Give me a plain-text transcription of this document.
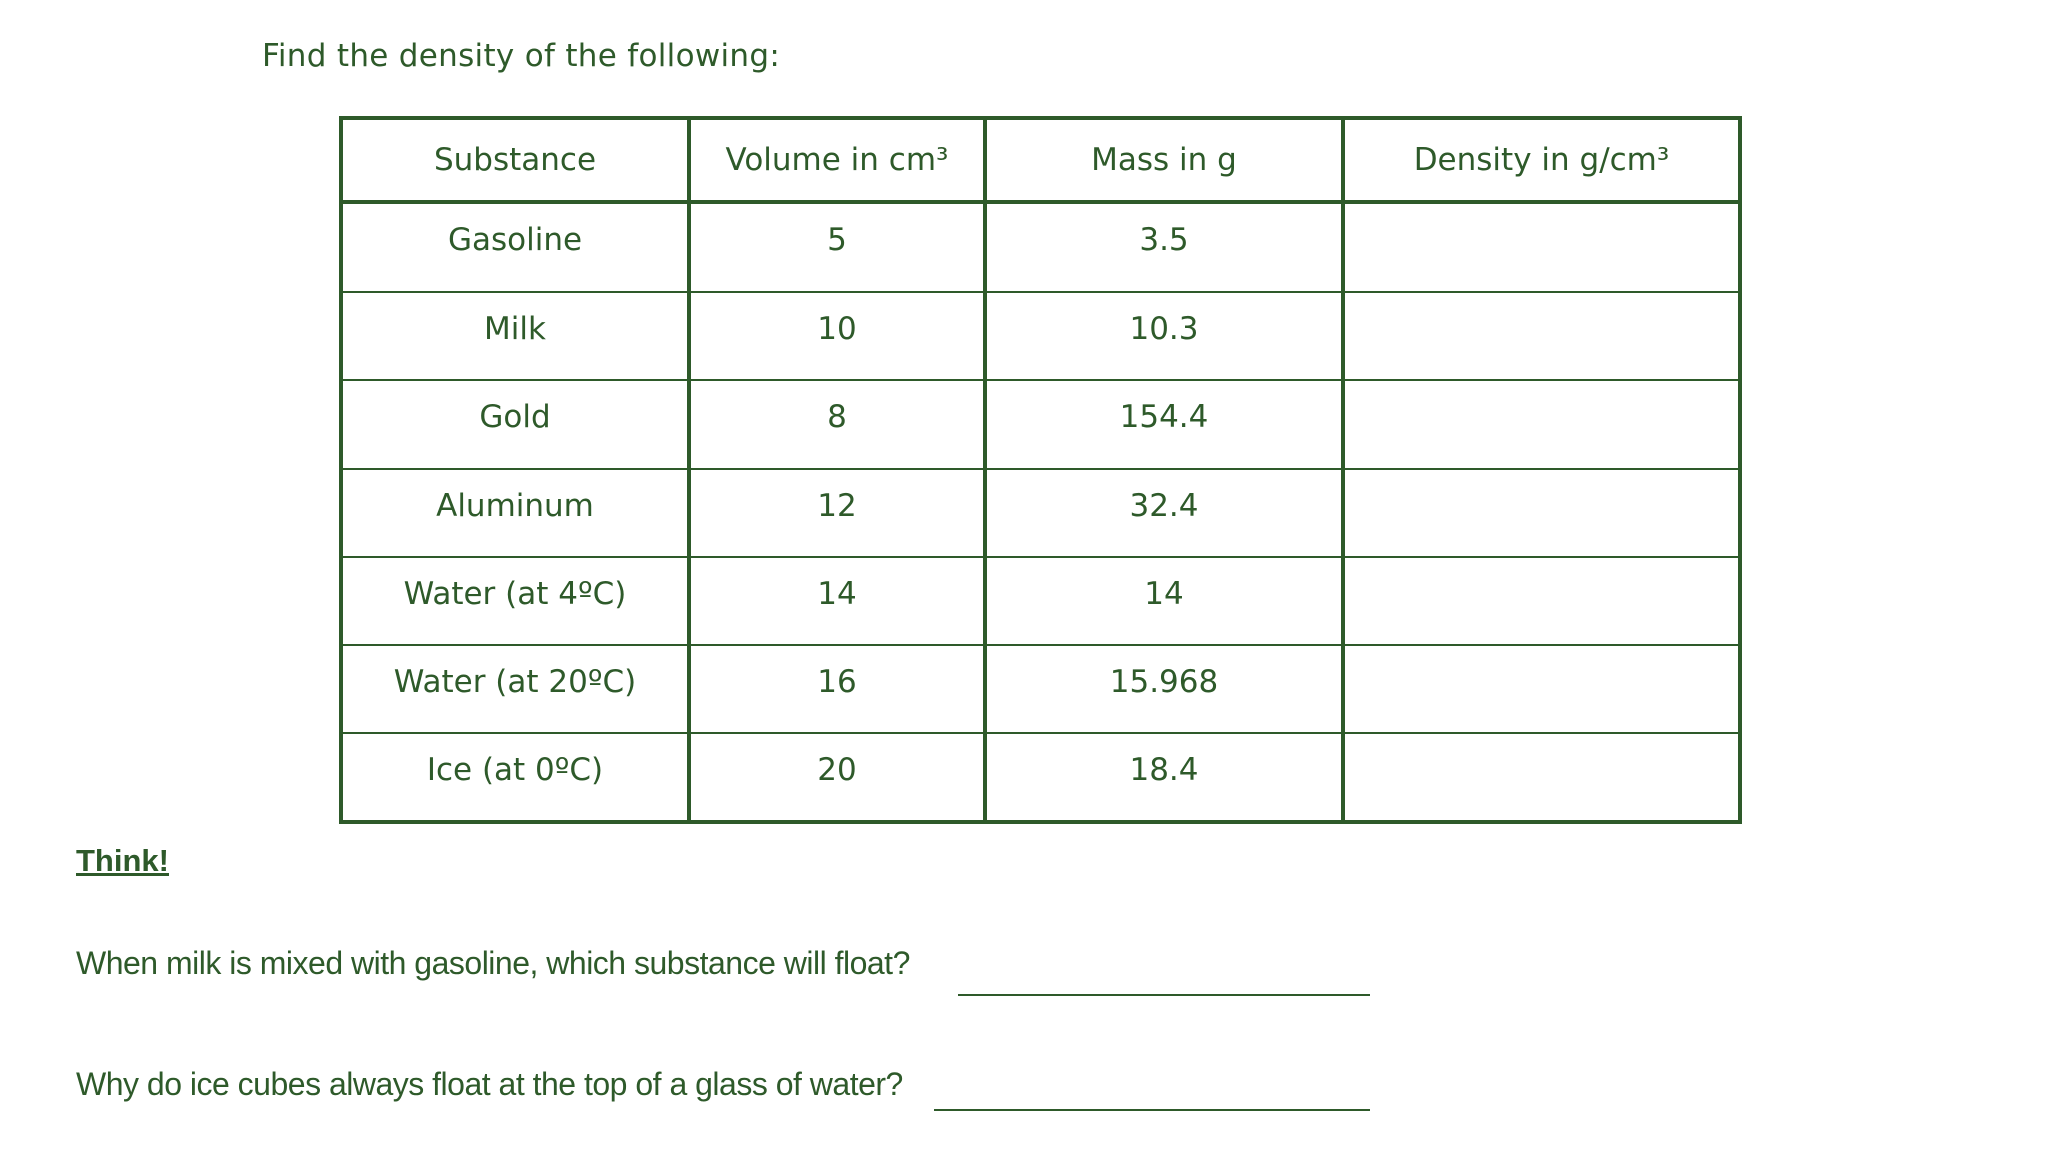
Find the density of the following:
Substance	Volume in cm³	Mass in g	Density in g/cm³
Gasoline	5	3.5	
Milk	10	10.3	
Gold	8	154.4	
Aluminum	12	32.4	
Water (at 4ºC)	14	14	
Water (at 20ºC)	16	15.968	
Ice (at 0ºC)	20	18.4	
Think!
When milk is mixed with gasoline, which substance will float?
Why do ice cubes always float at the top of a glass of water?
